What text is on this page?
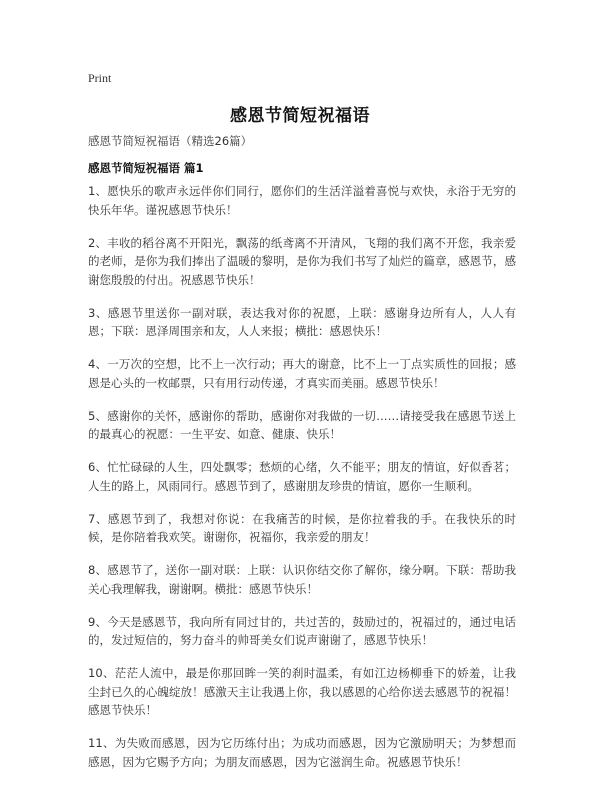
Print
感恩节简短祝福语
感恩节简短祝福语（精选26篇）
感恩节简短祝福语 篇1

1、愿快乐的歌声永远伴你们同行，愿你们的生活洋溢着喜悦与欢快，永浴于无穷的快乐年华。谨祝感恩节快乐！

2、丰收的稻谷离不开阳光，飘荡的纸鸢离不开清风，飞翔的我们离不开您，我亲爱的老师，是你为我们捧出了温暖的黎明，是你为我们书写了灿烂的篇章，感恩节，感谢您殷殷的付出。祝感恩节快乐！

3、感恩节里送你一副对联，表达我对你的祝愿，上联：感谢身边所有人，人人有恩；下联：恩泽周围亲和友，人人来报；横批：感恩快乐！

4、一万次的空想，比不上一次行动；再大的谢意，比不上一丁点实质性的回报；感恩是心头的一枚邮票，只有用行动传递，才真实而美丽。感恩节快乐！

5、感谢你的关怀，感谢你的帮助，感谢你对我做的一切……请接受我在感恩节送上的最真心的祝愿：一生平安、如意、健康、快乐！

6、忙忙碌碌的人生，四处飘零；愁烦的心绪，久不能平；朋友的情谊，好似香茗；人生的路上，风雨同行。感恩节到了，感谢朋友珍贵的情谊，愿你一生顺利。

7、感恩节到了，我想对你说：在我痛苦的时候，是你拉着我的手。在我快乐的时候，是你陪着我欢笑。谢谢你，祝福你，我亲爱的朋友！

8、感恩节了，送你一副对联：上联：认识你结交你了解你，缘分啊。下联：帮助我关心我理解我，谢谢啊。横批：感恩节快乐！

9、今天是感恩节，我向所有同过甘的，共过苦的，鼓励过的，祝福过的，通过电话的，发过短信的，努力奋斗的帅哥美女们说声谢谢了，感恩节快乐！

10、茫茫人流中，最是你那回眸一笑的刹时温柔，有如江边杨柳垂下的娇羞，让我尘封已久的心魄绽放！感激天主让我遇上你，我以感恩的心给你送去感恩节的祝福！感恩节快乐！

11、为失败而感恩，因为它历练付出；为成功而感恩，因为它激励明天；为梦想而感恩，因为它赐予方向；为朋友而感恩，因为它滋润生命。祝感恩节快乐！
